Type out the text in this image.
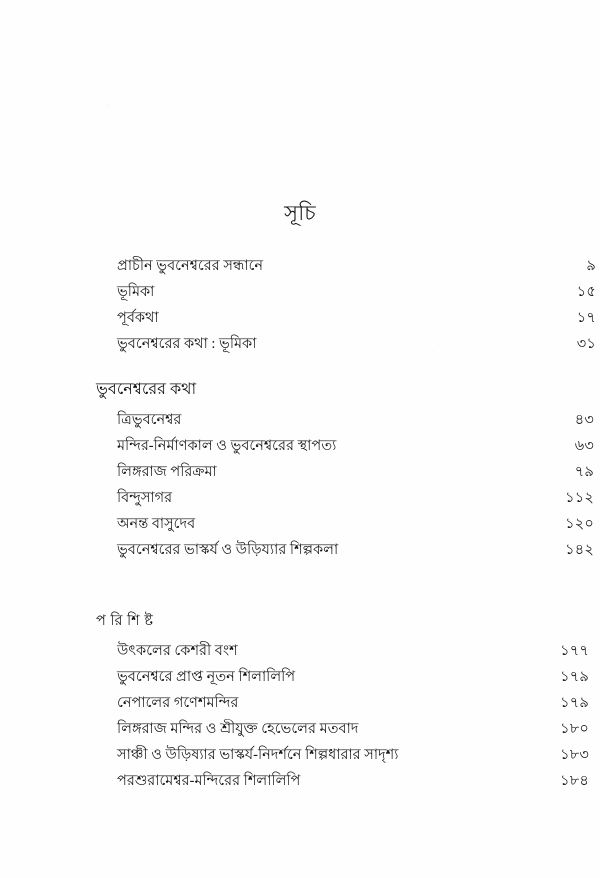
সূচি
প্রাচীন ভুবনেশ্বরের সন্ধানে	৯
ভূমিকা	১৫
পূর্বকথা	১৭
ভুবনেশ্বরের কথা : ভূমিকা	৩১
ভুবনেশ্বরের কথা
ত্রিভুবনেশ্বর	৪৩
মন্দির-নির্মাণকাল ও ভুবনেশ্বরের স্থাপত্য	৬৩
লিঙ্গরাজ পরিক্রমা	৭৯
বিন্দুসাগর	১১২
অনন্ত বাসুদেব	১২০
ভুবনেশ্বরের ভাস্কর্য ও উড়িয্যার শিল্পকলা	১৪২
পরিশিষ্ট
উৎকলের কেশরী বংশ	১৭৭
ভুবনেশ্বরে প্রাপ্ত নূতন শিলালিপি	১৭৯
নেপালের গণেশমন্দির	১৭৯
লিঙ্গরাজ মন্দির ও শ্রীযুক্ত হেভেলের মতবাদ	১৮০
সাঞ্চী ও উড়িষ্যার ভাস্কর্য-নিদর্শনে শিল্পধারার সাদৃশ্য	১৮৩
পরশুরামেশ্বর-মন্দিরের শিলালিপি	১৮৪
